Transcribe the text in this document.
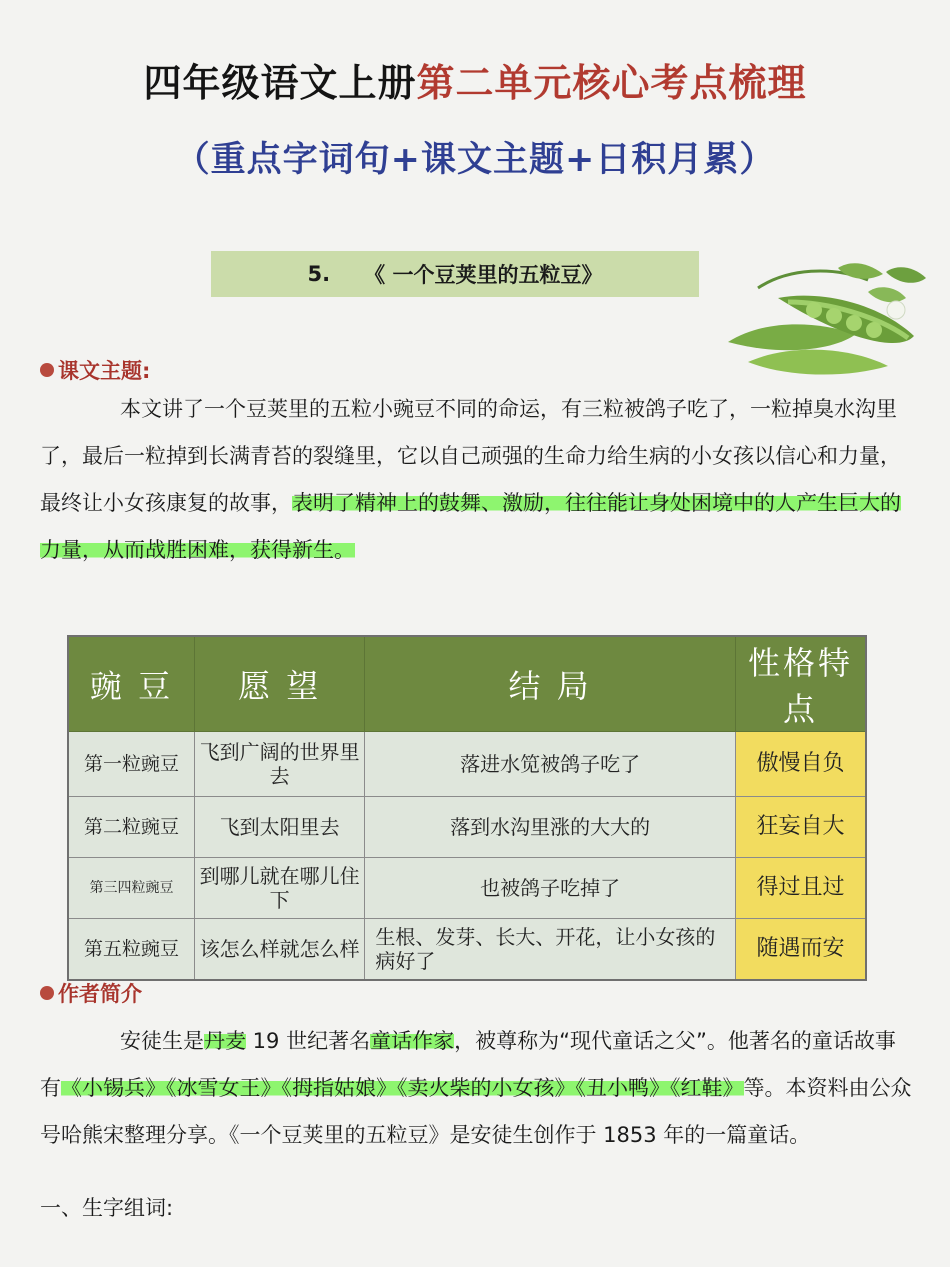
四年级语文上册第二单元核心考点梳理
（重点字词句+课文主题+日积月累）
5. 《 一个豆荚里的五粒豆》
课文主题:
本文讲了一个豆荚里的五粒小豌豆不同的命运，有三粒被鸽子吃了，一粒掉臭水沟里了，最后一粒掉到长满青苔的裂缝里，它以自己顽强的生命力给生病的小女孩以信心和力量，最终让小女孩康复的故事，表明了精神上的鼓舞、激励，往往能让身处困境中的人产生巨大的力量，从而战胜困难，获得新生。
豌 豆	愿 望	结 局	性格特点
第一粒豌豆	飞到广阔的世界里去	落进水笕被鸽子吃了	傲慢自负
第二粒豌豆	飞到太阳里去	落到水沟里涨的大大的	狂妄自大
第三四粒豌豆	到哪儿就在哪儿住下	也被鸽子吃掉了	得过且过
第五粒豌豆	该怎么样就怎么样	生根、发芽、长大、开花，让小女孩的病好了	随遇而安
作者简介
安徒生是丹麦 19 世纪著名童话作家，被尊称为“现代童话之父”。他著名的童话故事有《小锡兵》《冰雪女王》《拇指姑娘》《卖火柴的小女孩》《丑小鸭》《红鞋》等。本资料由公众号哈熊宋整理分享。《一个豆荚里的五粒豆》是安徒生创作于 1853 年的一篇童话。
一、生字组词:
